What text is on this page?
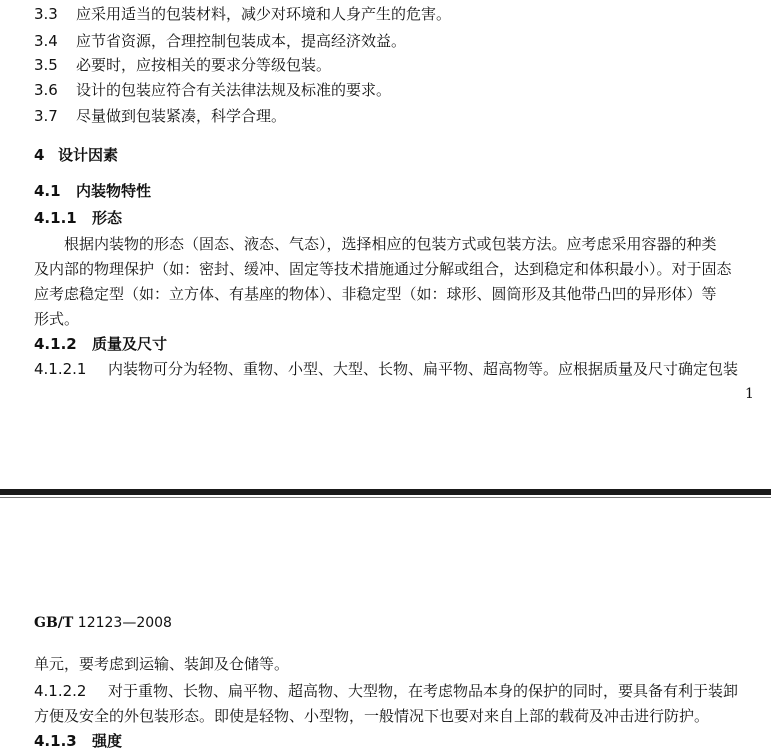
3.3 应采用适当的包装材料，减少对环境和人身产生的危害。
3.4 应节省资源，合理控制包装成本，提高经济效益。
3.5 必要时，应按相关的要求分等级包装。
3.6 设计的包装应符合有关法律法规及标准的要求。
3.7 尽量做到包装紧凑，科学合理。
4 设计因素
4.1 内装物特性
4.1.1 形态
根据内装物的形态（固态、液态、气态），选择相应的包装方式或包装方法。应考虑采用容器的种类
及内部的物理保护（如：密封、缓冲、固定等技术措施通过分解或组合，达到稳定和体积最小）。对于固态
应考虑稳定型（如：立方体、有基座的物体）、非稳定型（如：球形、圆筒形及其他带凸凹的异形体）等
形式。
4.1.2 质量及尺寸
4.1.2.1 内装物可分为轻物、重物、小型、大型、长物、扁平物、超高物等。应根据质量及尺寸确定包装
1
GB/T 12123—2008
单元，要考虑到运输、装卸及仓储等。
4.1.2.2 对于重物、长物、扁平物、超高物、大型物，在考虑物品本身的保护的同时，要具备有利于装卸
方便及安全的外包装形态。即使是轻物、小型物，一般情况下也要对来自上部的载荷及冲击进行防护。
4.1.3 强度
